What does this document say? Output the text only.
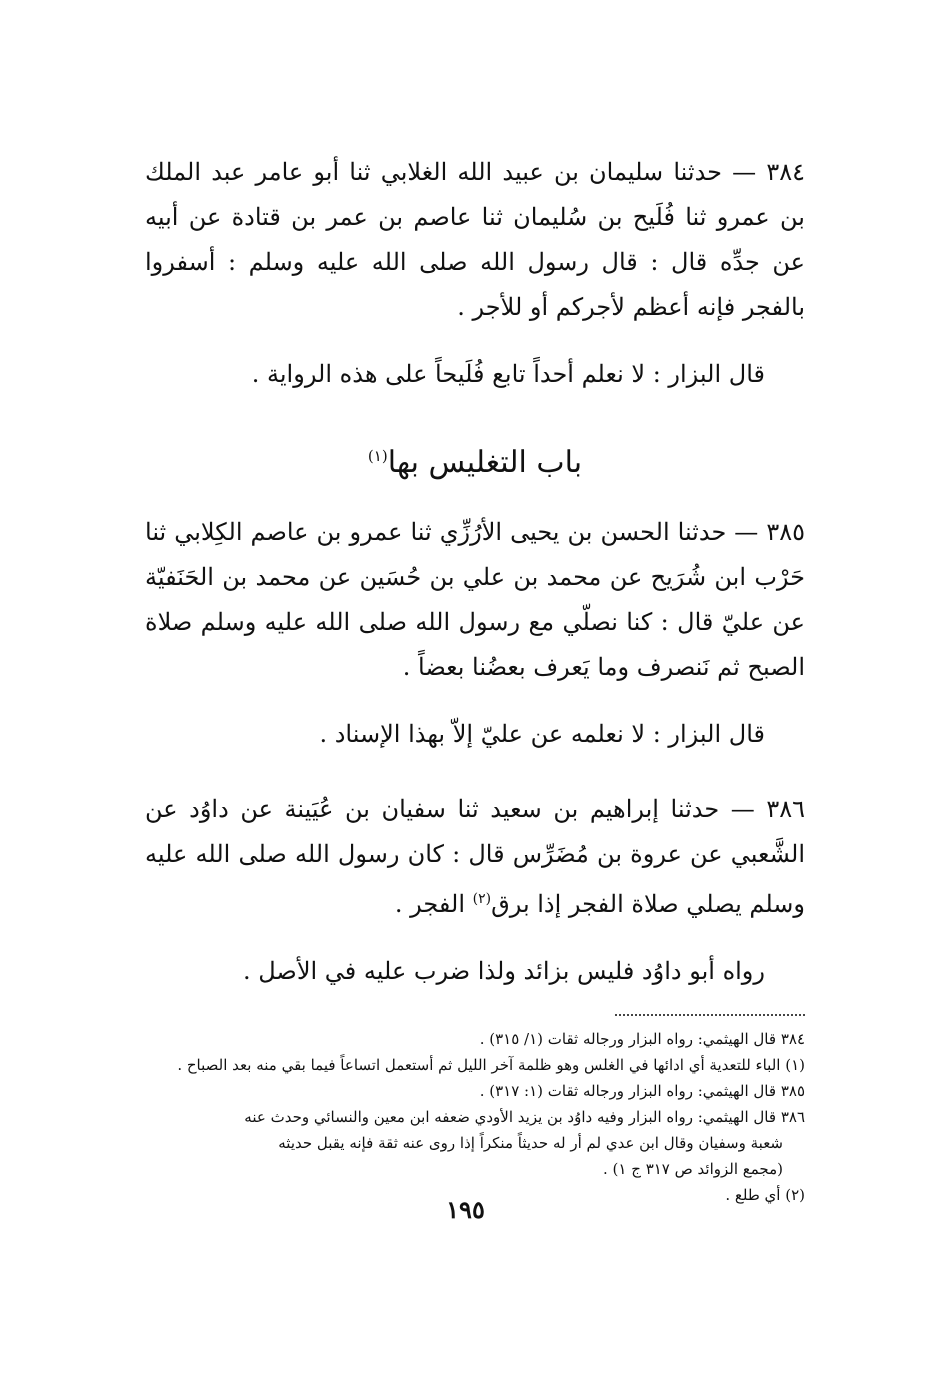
٣٨٤ — حدثنا سليمان بن عبيد الله الغلابي ثنا أبو عامر عبد الملك بن عمرو ثنا فُلَيح بن سُليمان ثنا عاصم بن عمر بن قتادة عن أبيه عن جدِّه قال : قال رسول الله صلى الله عليه وسلم : أسفروا بالفجر فإنه أعظم لأجركم أو للأجر .

قال البزار : لا نعلم أحداً تابع فُلَيحاً على هذه الرواية .

باب التغليس بها$^{(١)}$

٣٨٥ — حدثنا الحسن بن يحيى الأرُزِّي ثنا عمرو بن عاصم الكِلابي ثنا حَرْب ابن شُرَيح عن محمد بن علي بن حُسَين عن محمد بن الحَنَفيّة عن عليّ قال : كنا نصلّي مع رسول الله صلى الله عليه وسلم صلاة الصبح ثم نَنصرف وما يَعرف بعضُنا بعضاً .

قال البزار : لا نعلمه عن عليّ إلاّ بهذا الإسناد .

٣٨٦ — حدثنا إبراهيم بن سعيد ثنا سفيان بن عُيَينة عن داوُد عن الشَّعبي عن عروة بن مُضَرِّس قال : كان رسول الله صلى الله عليه وسلم يصلي صلاة الفجر إذا برق$^{(٢)}$ الفجر .

رواه أبو داوُد فليس بزائد ولذا ضرب عليه في الأصل .

٣٨٤ قال الهيثمي: رواه البزار ورجاله ثقات (١/ ٣١٥) .

(١) الباء للتعدية أي ادائها في الغلس وهو ظلمة آخر الليل ثم أستعمل اتساعاً فيما بقي منه بعد الصباح .

٣٨٥ قال الهيثمي: رواه البزار ورجاله ثقات (١: ٣١٧) .

٣٨٦ قال الهيثمي: رواه البزار وفيه داوُد بن يزيد الأودي ضعفه ابن معين والنسائي وحدث عنه

شعبة وسفيان وقال ابن عدي لم أر له حديثاً منكراً إذا روى عنه ثقة فإنه يقبل حديثه

(مجمع الزوائد ص ٣١٧ ج ١) .

(٢) أي طلع .

١٩٥
